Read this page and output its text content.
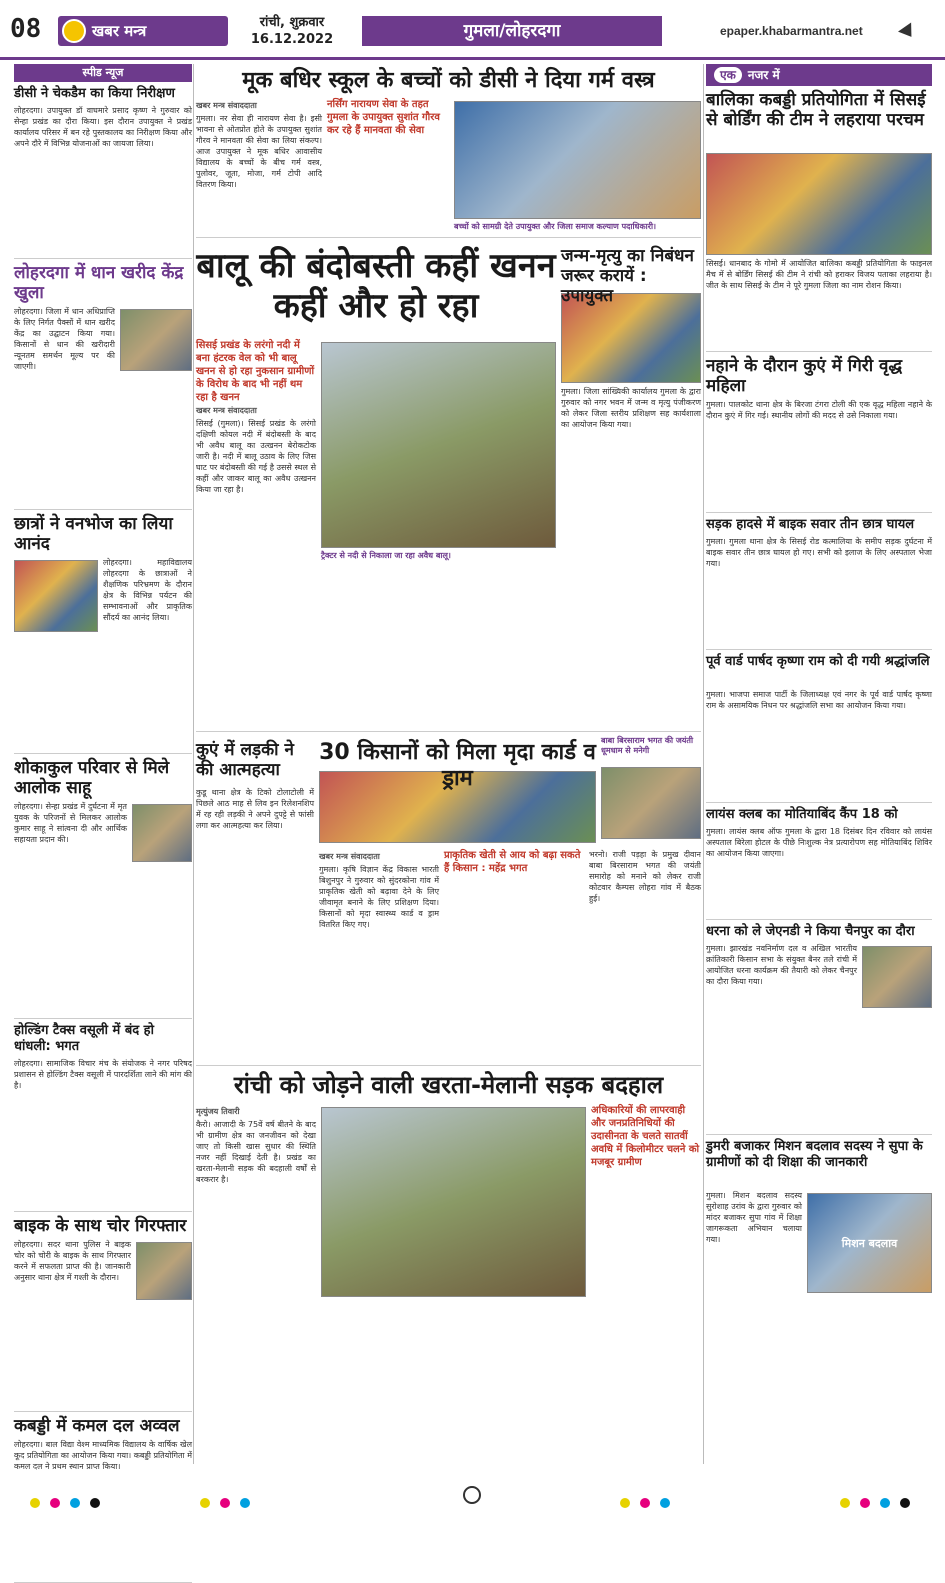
08	खबर मन्त्र	रांची, शुक्रवार
16.12.2022	गुमला/लोहरदगा	epaper.khabarmantra.net
स्पीड न्यूज
डीसी ने चेकडैम का किया निरीक्षण
लोहरदगा। उपायुक्त डॉ वाघमारे प्रसाद कृष्ण ने गुरुवार को सेन्हा प्रखंड का दौरा किया। इस दौरान उपायुक्त ने प्रखंड कार्यालय परिसर में बन रहे पुस्तकालय का निरीक्षण किया और अपने दौरे में विभिन्न योजनाओं का जायजा लिया।
लोहरदगा में धान खरीद केंद्र खुला
लोहरदगा। जिला में धान अधिप्राप्ति के लिए निर्गत पैक्सों में धान खरीद केंद्र का उद्घाटन किया गया। किसानों से धान की खरीदारी न्यूनतम समर्थन मूल्य पर की जाएगी।
छात्रों ने वनभोज का लिया आनंद
लोहरदगा। महाविद्यालय लोहरदगा के छात्राओं ने शैक्षणिक परिभ्रमण के दौरान क्षेत्र के विभिन्न पर्यटन की सम्भावनाओं और प्राकृतिक सौंदर्य का आनंद लिया।
शोकाकुल परिवार से मिले आलोक साहू
लोहरदगा। सेन्हा प्रखंड में दुर्घटना में मृत युवक के परिजनों से मिलकर आलोक कुमार साहू ने सांत्वना दी और आर्थिक सहायता प्रदान की।
होल्डिंग टैक्स वसूली में बंद हो धांधली: भगत
लोहरदगा। सामाजिक विचार मंच के संयोजक ने नगर परिषद प्रशासन से होल्डिंग टैक्स वसूली में पारदर्शिता लाने की मांग की है।
बाइक के साथ चोर गिरफ्तार
लोहरदगा। सदर थाना पुलिस ने बाइक चोर को चोरी के बाइक के साथ गिरफ्तार करने में सफलता प्राप्त की है। जानकारी अनुसार थाना क्षेत्र में गश्ती के दौरान।
कबड्डी में कमल दल अव्वल
लोहरदगा। बाल विद्या वेश्म माध्यमिक विद्यालय के वार्षिक खेल कूद प्रतियोगिता का आयोजन किया गया। कबड्डी प्रतियोगिता में कमल दल ने प्रथम स्थान प्राप्त किया।
मूक बधिर स्कूल के बच्चों को डीसी ने दिया गर्म वस्त्र
खबर मन्त्र संवाददाता
गुमला। नर सेवा ही नारायण सेवा है। इसी भावना से ओतप्रोत होते के उपायुक्त सुशांत गौरव ने मानवता की सेवा का लिया संकल्प। आज उपायुक्त ने मूक बधिर आवासीय विद्यालय के बच्चों के बीच गर्म वस्त्र, पुलोवर, जूता, मोजा, गर्म टोपी आदि वितरण किया।
नर्सिंग नारायण सेवा के तहत गुमला के उपायुक्त सुशांत गौरव कर रहे हैं मानवता की सेवा
बच्चों को सामग्री देते उपायुक्त और जिला समाज कल्याण पदाधिकारी।
बालू की बंदोबस्ती कहीं खनन कहीं और हो रहा
सिसई प्रखंड के लरंगो नदी में बना हंटरक वेल को भी बालू खनन से हो रहा नुकसान ग्रामीणों के विरोध के बाद भी नहीं थम रहा है खनन
खबर मन्त्र संवाददाता
सिसई (गुमला)। सिसई प्रखंड के लरंगो दक्षिणी कोयल नदी में बंदोबस्ती के बाद भी अवैध बालू का उत्खनन बेरोकटोक जारी है। नदी में बालू उठाव के लिए जिस घाट पर बंदोबस्ती की गई है उससे स्थल से कहीं और जाकर बालू का अवैध उत्खनन किया जा रहा है।
ट्रैक्टर से नदी से निकाला जा रहा अवैध बालू।
जन्म-मृत्यु का निबंधन जरूर करायें : उपायुक्त
गुमला। जिला सांख्यिकी कार्यालय गुमला के द्वारा गुरुवार को नगर भवन में जन्म व मृत्यु पंजीकरण को लेकर जिला स्तरीय प्रशिक्षण सह कार्यशाला का आयोजन किया गया।
कुएं में लड़की ने की आत्महत्या
कुडू थाना क्षेत्र के टिको टोलाटोली में पिछले आठ माह से लिव इन रिलेशनशिप में रह रही लड़की ने अपने दुपट्टे से फांसी लगा कर आत्महत्या कर लिया।
30 किसानों को मिला मृदा कार्ड व ड्राम
बाबा बिरसाराम भगत की जयंती धूमधाम से मनेगी
खबर मन्त्र संवाददाता
गुमला। कृषि विज्ञान केंद्र विकास भारती बिशुनपुर ने गुरुवार को सुंदरकोना गांव में प्राकृतिक खेती को बढ़ावा देने के लिए जीवामृत बनाने के लिए प्रशिक्षण दिया। किसानों को मृदा स्वास्थ्य कार्ड व ड्राम वितरित किए गए।
प्राकृतिक खेती से आय को बढ़ा सकते हैं किसान : महेंद्र भगत
भरनो। राजी पड़हा के प्रमुख दीवान बाबा बिरसाराम भगत की जयंती समारोह को मनाने को लेकर राजी कोटवार कैम्पस लोहरा गांव में बैठक हुई।
रांची को जोड़ने वाली खरता-मेलानी सड़क बदहाल
मृत्युंजय तिवारी
कैरो। आजादी के 75वें वर्ष बीतने के बाद भी ग्रामीण क्षेत्र का जनजीवन को देखा जाए तो किसी खास सुधार की स्थिति नजर नहीं दिखाई देती है। प्रखंड का खरता-मेलानी सड़क की बदहाली वर्षों से बरकरार है।
अधिकारियों की लापरवाही और जनप्रतिनिधियों की उदासीनता के चलते सातवीं अवधि में किलोमीटर चलने को मजबूर ग्रामीण
एक नजर में
बालिका कबड्डी प्रतियोगिता में सिसई से बोर्डिंग की टीम ने लहराया परचम
सिसई। धानबाद के गोमो में आयोजित बालिका कबड्डी प्रतियोगिता के फाइनल मैच में से बोर्डिंग सिसई की टीम ने रांची को हराकर विजय पताका लहराया है। जीत के साथ सिसई के टीम ने पूरे गुमला जिला का नाम रोशन किया।
नहाने के दौरान कुएं में गिरी वृद्ध महिला
गुमला। पालकोट थाना क्षेत्र के बिरजा टंगरा टोली की एक वृद्ध महिला नहाने के दौरान कुएं में गिर गई। स्थानीय लोगों की मदद से उसे निकाला गया।
सड़क हादसे में बाइक सवार तीन छात्र घायल
गुमला। गुमला थाना क्षेत्र के सिसई रोड कत्मालिया के समीप सड़क दुर्घटना में बाइक सवार तीन छात्र घायल हो गए। सभी को इलाज के लिए अस्पताल भेजा गया।
पूर्व वार्ड पार्षद कृष्णा राम को दी गयी श्रद्धांजलि
गुमला। भाजपा समाज पार्टी के जिलाध्यक्ष एवं नगर के पूर्व वार्ड पार्षद कृष्णा राम के असामयिक निधन पर श्रद्धांजलि सभा का आयोजन किया गया।
लायंस क्लब का मोतियाबिंद कैंप 18 को
गुमला। लायंस क्लब ऑफ गुमला के द्वारा 18 दिसंबर दिन रविवार को लायंस अस्पताल बिरेला होटल के पीछे निःशुल्क नेत्र प्रत्यारोपण सह मोतियाबिंद शिविर का आयोजन किया जाएगा।
धरना को ले जेएनडी ने किया चैनपुर का दौरा
गुमला। झारखंड नवनिर्माण दल व अखिल भारतीय क्रांतिकारी किसान सभा के संयुक्त बैनर तले रांची में आयोजित धरना कार्यक्रम की तैयारी को लेकर चैनपुर का दौरा किया गया।
डुमरी बजाकर मिशन बदलाव सदस्य ने सुपा के ग्रामीणों को दी शिक्षा की जानकारी
गुमला। मिशन बदलाव सदस्य सुरोशाह उरांव के द्वारा गुरुवार को मांदर बजाकर सुपा गांव में शिक्षा जागरूकता अभियान चलाया गया।	मिशन बदलाव
